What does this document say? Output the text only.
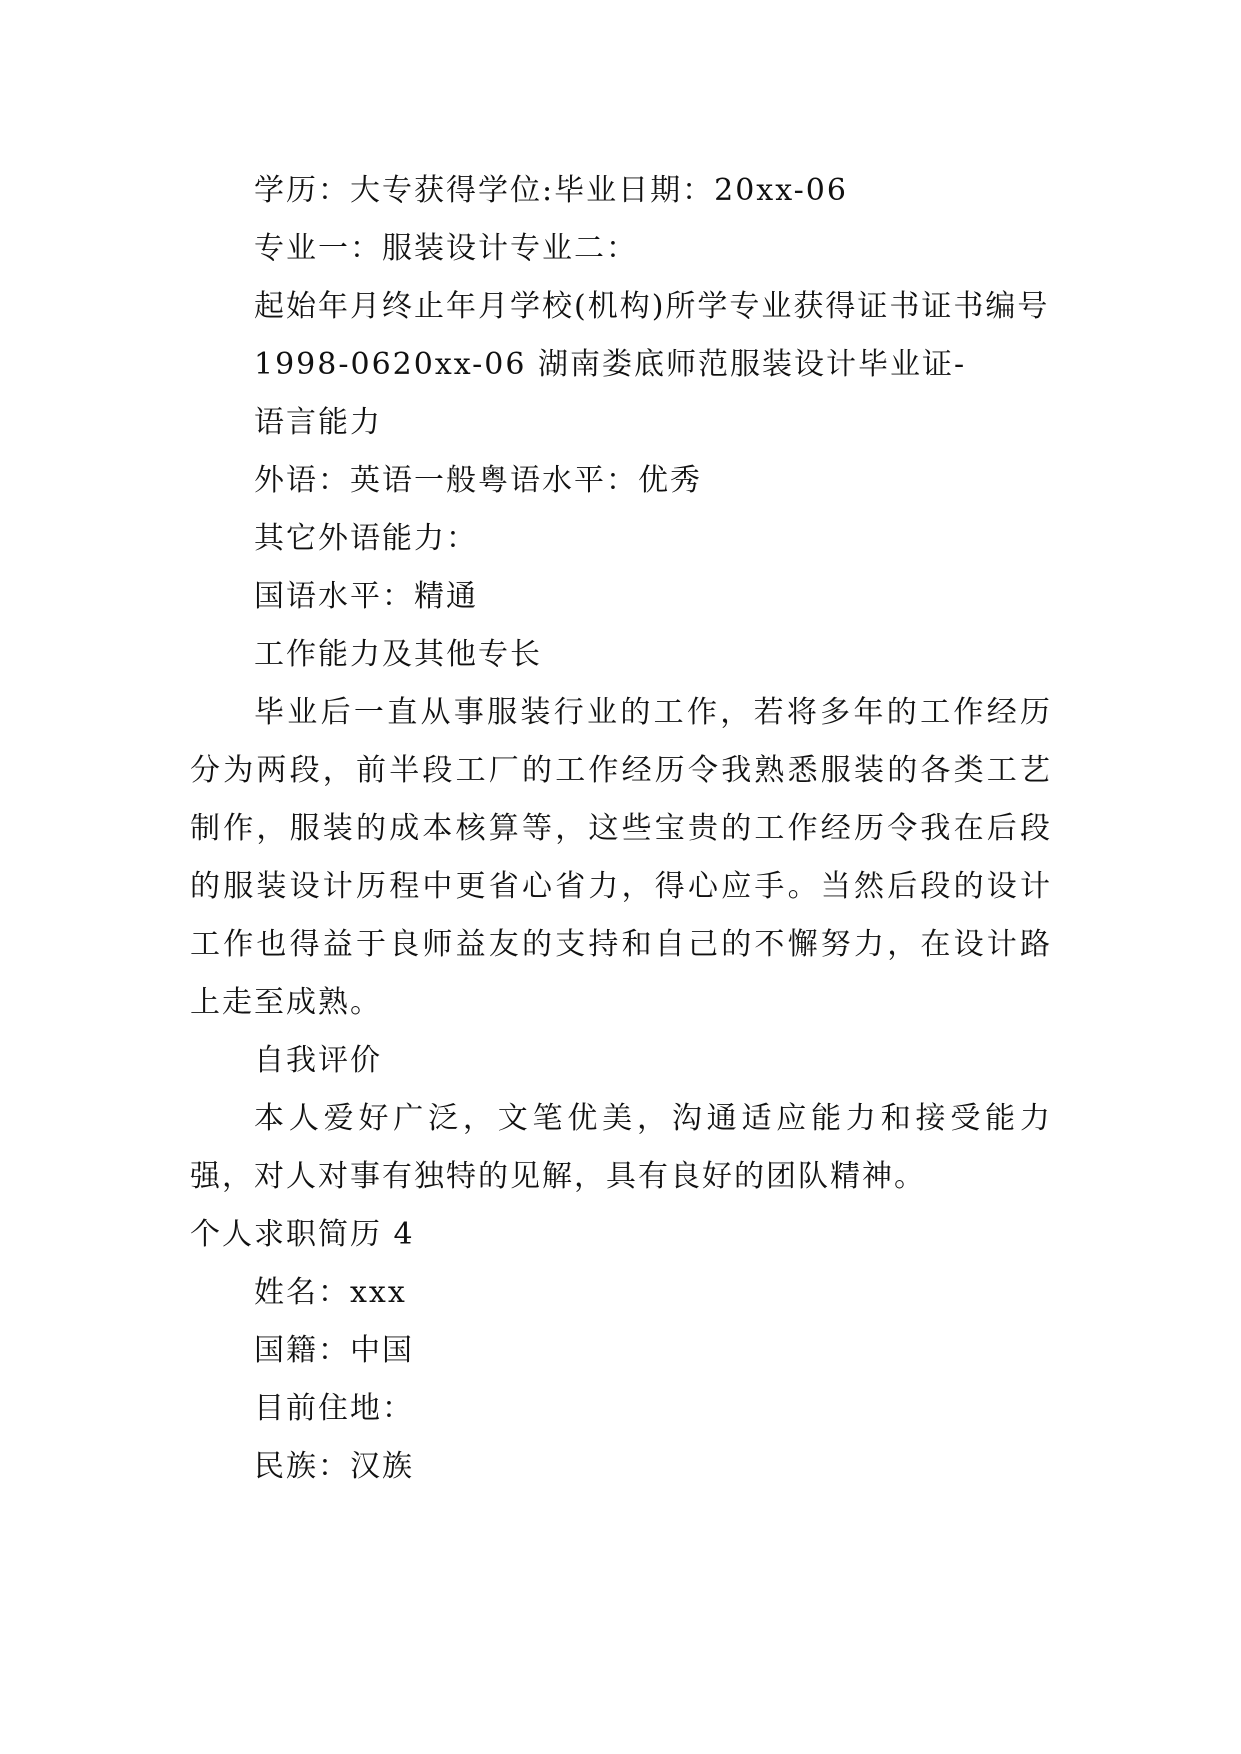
学历：大专获得学位:毕业日期：20xx-06
专业一：服装设计专业二：

起始年月终止年月学校(机构)所学专业获得证书证书编号

1998-0620xx-06 湖南娄底师范服装设计毕业证-
语言能力
外语：英语一般粤语水平：优秀
其它外语能力：
国语水平：精通
工作能力及其他专长

毕业后一直从事服装行业的工作，若将多年的工作经历分为两段，前半段工厂的工作经历令我熟悉服装的各类工艺制作，服装的成本核算等，这些宝贵的工作经历令我在后段的服装设计历程中更省心省力，得心应手。当然后段的设计工作也得益于良师益友的支持和自己的不懈努力，在设计路上走至成熟。

自我评价

本人爱好广泛，文笔优美，沟通适应能力和接受能力强，对人对事有独特的见解，具有良好的团队精神。

个人求职简历 4
姓名：xxx
国籍：中国
目前住地：
民族：汉族
